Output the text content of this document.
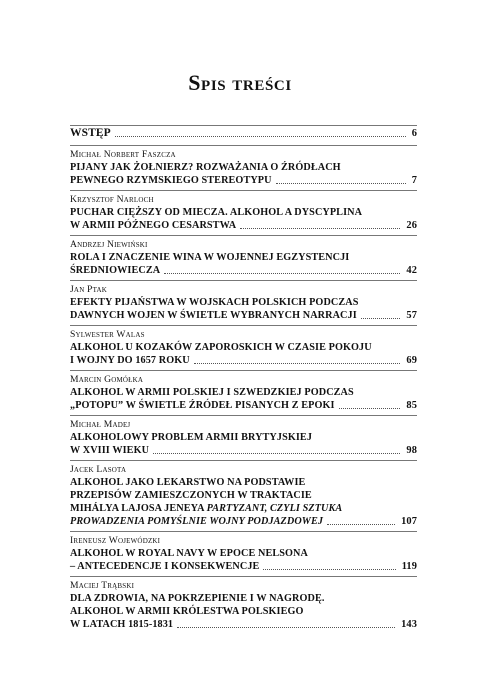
Spis treści
WSTĘP	6
Michał Norbert Faszcza
PIJANY JAK ŻOŁNIERZ? ROZWAŻANIA O ŹRÓDŁACH
PEWNEGO RZYMSKIEGO STEREOTYPU	7
Krzysztof Narloch
PUCHAR CIĘŻSZY OD MIECZA. ALKOHOL A DYSCYPLINA
W ARMII PÓŹNEGO CESARSTWA	26
Andrzej Niewiński
ROLA I ZNACZENIE WINA W WOJENNEJ EGZYSTENCJI
ŚREDNIOWIECZA	42
Jan Ptak
EFEKTY PIJAŃSTWA W WOJSKACH POLSKICH PODCZAS
DAWNYCH WOJEN W ŚWIETLE WYBRANYCH NARRACJI	57
Sylwester Walas
ALKOHOL U KOZAKÓW ZAPOROSKICH W CZASIE POKOJU
I WOJNY DO 1657 ROKU	69
Marcin Gomółka
ALKOHOL W ARMII POLSKIEJ I SZWEDZKIEJ PODCZAS
„POTOPU” W ŚWIETLE ŹRÓDEŁ PISANYCH Z EPOKI	85
Michał Madej
ALKOHOLOWY PROBLEM ARMII BRYTYJSKIEJ
W XVIII WIEKU	98
Jacek Lasota
ALKOHOL JAKO LEKARSTWO NA PODSTAWIE
PRZEPISÓW ZAMIESZCZONYCH W TRAKTACIE
MIHÁLYA LAJOSA JENEYA PARTYZANT, CZYLI SZTUKA
PROWADZENIA POMYŚLNIE WOJNY PODJAZDOWEJ	107
Ireneusz Wojewódzki
ALKOHOL W ROYAL NAVY W EPOCE NELSONA
– ANTECEDENCJE I KONSEKWENCJE	119
Maciej Trąbski
DLA ZDROWIA, NA POKRZEPIENIE I W NAGRODĘ.
ALKOHOL W ARMII KRÓLESTWA POLSKIEGO
W LATACH 1815-1831	143
